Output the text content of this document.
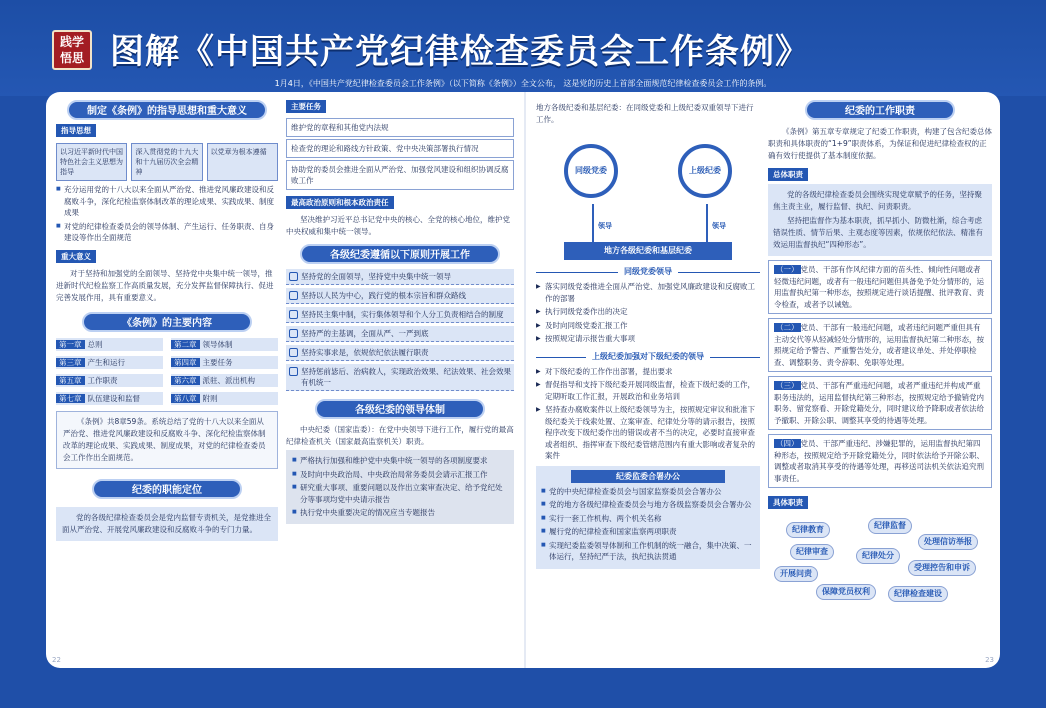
践学
悟思 图解《中国共产党纪律检查委员会工作条例》
1月4日，《中国共产党纪律检查委员会工作条例》（以下简称《条例》）全文公布， 这是党的历史上首部全面规范纪律检查委员会工作的条例。
22	23
制定《条例》的指导思想和重大意义
指导思想
以习近平新时代中国特色社会主义思想为指导
深入贯彻党的十九大和十九届历次全会精神
以党章为根本遵循
■ 充分运用党的十八大以来全面从严治党、推进党风廉政建设和反腐败斗争，深化纪检监察体制改革的理论成果、实践成果、制度成果
■ 对党的纪律检查委员会的领导体制、产生运行、任务职责、自身建设等作出全面规范
重大意义
对于坚持和加强党的全面领导、坚持党中央集中统一领导，推进新时代纪检监察工作高质量发展，充分发挥监督保障执行、促进完善发展作用，具有重要意义。
《条例》的主要内容
第一章 总则	第二章 领导体制
第三章 产生和运行	第四章 主要任务
第五章 工作职责	第六章 派驻、派出机构
第七章 队伍建设和监督	第八章 附则
《条例》共8章59条。系统总结了党的十八大以来全面从严治党、推进党风廉政建设和反腐败斗争、深化纪检监察体制改革的理论成果、实践成果、制度成果，对党的纪律检查委员会工作作出全面规范。
纪委的职能定位
党的各级纪律检查委员会是党内监督专责机关，是党推进全面从严治党、开展党风廉政建设和反腐败斗争的专门力量。
主要任务
维护党的章程和其他党内法规
检查党的理论和路线方针政策、党中央决策部署执行情况
协助党的委员会推进全面从严治党、加强党风建设和组织协调反腐败工作
最高政治原则和根本政治责任
坚决维护习近平总书记党中央的核心、全党的核心地位，维护党中央权威和集中统一领导。
各级纪委遵循以下原则开展工作
坚持党的全面领导，坚持党中央集中统一领导
坚持以人民为中心，践行党的根本宗旨和群众路线
坚持民主集中制，实行集体领导和个人分工负责相结合的制度
坚持严的主基调，全面从严、一严到底
坚持实事求是，依规依纪依法履行职责
坚持惩前毖后、治病救人，实现政治效果、纪法效果、社会效果有机统一
各级纪委的领导体制
中央纪委（国家监委）：在党中央领导下进行工作，履行党的最高纪律检查机关（国家最高监察机关）职责。
■ 严格执行加强和维护党中央集中统一领导的各项制度要求
■ 及时向中央政治局、中央政治局常务委员会请示汇报工作
■ 研究重大事项、重要问题以及作出立案审查决定、给予党纪处分等事项均党中央请示报告
■ 执行党中央重要决定的情况应当专题报告
地方各级纪委和基层纪委：在同级党委和上级纪委双重领导下进行工作。
同级党委	上级纪委
领导	领导
地方各级纪委和基层纪委
同级党委领导
▶ 落实同级党委推进全面从严治党、加强党风廉政建设和反腐败工作的部署
▶ 执行同级党委作出的决定
▶ 及时向同级党委汇报工作
▶ 按照规定请示报告重大事项
上级纪委加强对下级纪委的领导
▶ 对下级纪委的工作作出部署，提出要求
▶ 督促指导和支持下级纪委开展同级监督，检查下级纪委的工作，定期听取工作汇报，开展政治和业务培训
▶ 坚持查办腐败案件以上级纪委领导为主，按照规定审议和批准下级纪委关于线索处置、立案审查、纪律处分等的请示报告，按照程序改变下级纪委作出的错误或者不当的决定，必要时直接审查或者组织、指挥审查下级纪委管辖范围内有重大影响或者复杂的案件
纪委监委合署办公
■ 党的中央纪律检查委员会与国家监察委员会合署办公
■ 党的地方各级纪律检查委员会与地方各级监察委员会合署办公
■ 实行一套工作机构、两个机关名称
■ 履行党的纪律检查和国家监察两项职责
■ 实现纪委监委领导体制和工作机制的统一融合，集中决策、一体运行，坚持纪严于法，执纪执法贯通
纪委的工作职责
《条例》第五章专章规定了纪委工作职责，构建了包含纪委总体职责和具体职责的“1+9”职责体系，为保证和促进纪律检查权的正确有效行使提供了基本制度依据。
总体职责
党的各级纪律检查委员会围绕实现党章赋予的任务，坚持聚焦主责主业，履行监督、执纪、问责职责。
坚持把监督作为基本职责，抓早抓小、防微杜渐，综合考虑错误性质、情节后果、主观态度等因素，依规依纪依法、精准有效运用监督执纪“四种形态”。
（一） 党员、干部有作风纪律方面的苗头性、倾向性问题或者轻微违纪问题，或者有一般违纪问题但具备免予处分情形的，运用监督执纪第一种形态，按照规定进行谈话提醒、批评教育、责令检查，或者予以诫勉。
（二） 党员、干部有一般违纪问题，或者违纪问题严重但具有主动交代等从轻减轻处分情形的，运用监督执纪第二种形态，按照规定给予警告、严重警告处分，或者建议单处、并处停职检查、调整职务、责令辞职、免职等处理。
（三） 党员、干部有严重违纪问题，或者严重违纪并构成严重职务违法的，运用监督执纪第三种形态，按照规定给予撤销党内职务、留党察看、开除党籍处分，同时建议给予降职或者依法给予撤职、开除公职、调整其享受的待遇等处理。
（四） 党员、干部严重违纪、涉嫌犯罪的，运用监督执纪第四种形态，按照规定给予开除党籍处分，同时依法给予开除公职、调整或者取消其享受的待遇等处理，再移送司法机关依法追究刑事责任。
具体职责
纪律教育	纪律监督
处理信访举报
纪律审查	纪律处分
开展问责
受理控告和申诉
保障党员权利	纪律检查建设
